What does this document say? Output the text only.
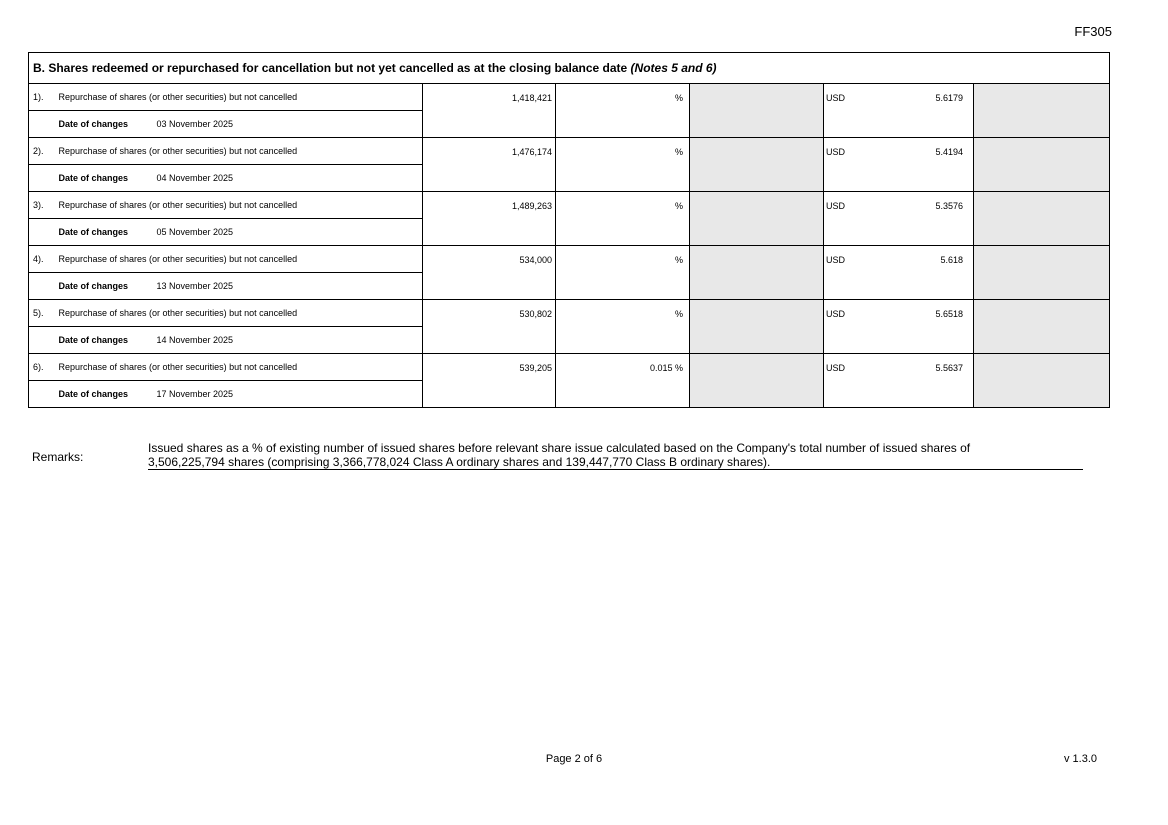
FF305
B. Shares redeemed or repurchased for cancellation but not yet cancelled as at the closing balance date (Notes 5 and 6)							
1).	Repurchase of shares (or other securities) but not cancelled	1,418,421	%		USD	5.6179	
	Date of changes 03 November 2025						
2).	Repurchase of shares (or other securities) but not cancelled	1,476,174	%		USD	5.4194	
	Date of changes 04 November 2025						
3).	Repurchase of shares (or other securities) but not cancelled	1,489,263	%		USD	5.3576	
	Date of changes 05 November 2025						
4).	Repurchase of shares (or other securities) but not cancelled	534,000	%		USD	5.618	
	Date of changes 13 November 2025						
5).	Repurchase of shares (or other securities) but not cancelled	530,802	%		USD	5.6518	
	Date of changes 14 November 2025						
6).	Repurchase of shares (or other securities) but not cancelled	539,205	0.015 %		USD	5.5637	
	Date of changes 17 November 2025						
Remarks:
Issued shares as a % of existing number of issued shares before relevant share issue calculated based on the Company's total number of issued shares of
3,506,225,794 shares (comprising 3,366,778,024 Class A ordinary shares and 139,447,770 Class B ordinary shares).
Page 2 of 6	v 1.3.0
